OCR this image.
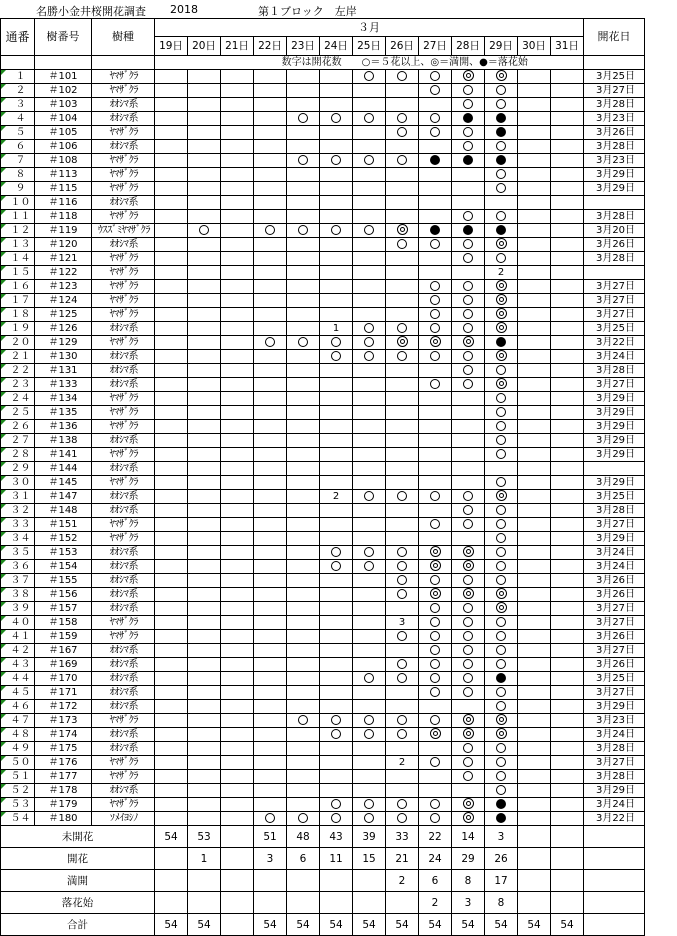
名勝小金井桜開花調査 2018	第１ブロック　左岸
通番	樹番号	樹種	３月													開花日
			19日	20日	21日	22日	23日	24日	25日	26日	27日	28日	29日	30日	31日	
					数字は開花数　　○＝５花以上、◎＝満開、●＝落花始											
１	＃101	ﾔﾏｻﾞｸﾗ														3月25日
２	＃102	ﾔﾏｻﾞｸﾗ														3月27日
３	＃103	ｵｵｼﾏ系														3月28日
４	＃104	ｵｵｼﾏ系														3月23日
５	＃105	ﾔﾏｻﾞｸﾗ														3月26日
６	＃106	ｵｵｼﾏ系														3月28日
７	＃108	ﾔﾏｻﾞｸﾗ														3月23日
８	＃113	ﾔﾏｻﾞｸﾗ														3月29日
９	＃115	ﾔﾏｻﾞｸﾗ														3月29日
１０	＃116	ｵｵｼﾏ系														
１１	＃118	ﾔﾏｻﾞｸﾗ														3月28日
１２	＃119	ｳｽｽﾞﾐﾔﾏｻﾞｸﾗ														3月20日
１３	＃120	ｵｵｼﾏ系														3月26日
１４	＃121	ﾔﾏｻﾞｸﾗ														3月28日
１５	＃122	ﾔﾏｻﾞｸﾗ											2			
１６	＃123	ﾔﾏｻﾞｸﾗ														3月27日
１７	＃124	ﾔﾏｻﾞｸﾗ														3月27日
１８	＃125	ﾔﾏｻﾞｸﾗ														3月27日
１９	＃126	ｵｵｼﾏ系						1								3月25日
２０	＃129	ﾔﾏｻﾞｸﾗ														3月22日
２１	＃130	ｵｵｼﾏ系														3月24日
２２	＃131	ｵｵｼﾏ系														3月28日
２３	＃133	ｵｵｼﾏ系														3月27日
２４	＃134	ﾔﾏｻﾞｸﾗ														3月29日
２５	＃135	ﾔﾏｻﾞｸﾗ														3月29日
２６	＃136	ﾔﾏｻﾞｸﾗ														3月29日
２７	＃138	ｵｵｼﾏ系														3月29日
２８	＃141	ﾔﾏｻﾞｸﾗ														3月29日
２９	＃144	ｵｵｼﾏ系														
３０	＃145	ﾔﾏｻﾞｸﾗ														3月29日
３１	＃147	ｵｵｼﾏ系						2								3月25日
３２	＃148	ｵｵｼﾏ系														3月28日
３３	＃151	ﾔﾏｻﾞｸﾗ														3月27日
３４	＃152	ﾔﾏｻﾞｸﾗ														3月29日
３５	＃153	ｵｵｼﾏ系														3月24日
３６	＃154	ｵｵｼﾏ系														3月24日
３７	＃155	ｵｵｼﾏ系														3月26日
３８	＃156	ｵｵｼﾏ系														3月26日
３９	＃157	ｵｵｼﾏ系														3月27日
４０	＃158	ﾔﾏｻﾞｸﾗ								3						3月27日
４１	＃159	ﾔﾏｻﾞｸﾗ														3月26日
４２	＃167	ｵｵｼﾏ系														3月27日
４３	＃169	ｵｵｼﾏ系														3月26日
４４	＃170	ｵｵｼﾏ系														3月25日
４５	＃171	ｵｵｼﾏ系														3月27日
４６	＃172	ｵｵｼﾏ系														3月29日
４７	＃173	ﾔﾏｻﾞｸﾗ														3月23日
４８	＃174	ｵｵｼﾏ系														3月24日
４９	＃175	ｵｵｼﾏ系														3月28日
５０	＃176	ﾔﾏｻﾞｸﾗ								2						3月27日
５１	＃177	ﾔﾏｻﾞｸﾗ														3月28日
５２	＃178	ｵｵｼﾏ系														3月29日
５３	＃179	ﾔﾏｻﾞｸﾗ														3月24日
５４	＃180	ｿﾒｲﾖｼﾉ														3月22日
未開花			54	53		51	48	43	39	33	22	14	3			
開花				1		3	6	11	15	21	24	29	26			
満開										2	6	8	17			
落花始											2	3	8			
合計			54	54		54	54	54	54	54	54	54	54	54	54	
